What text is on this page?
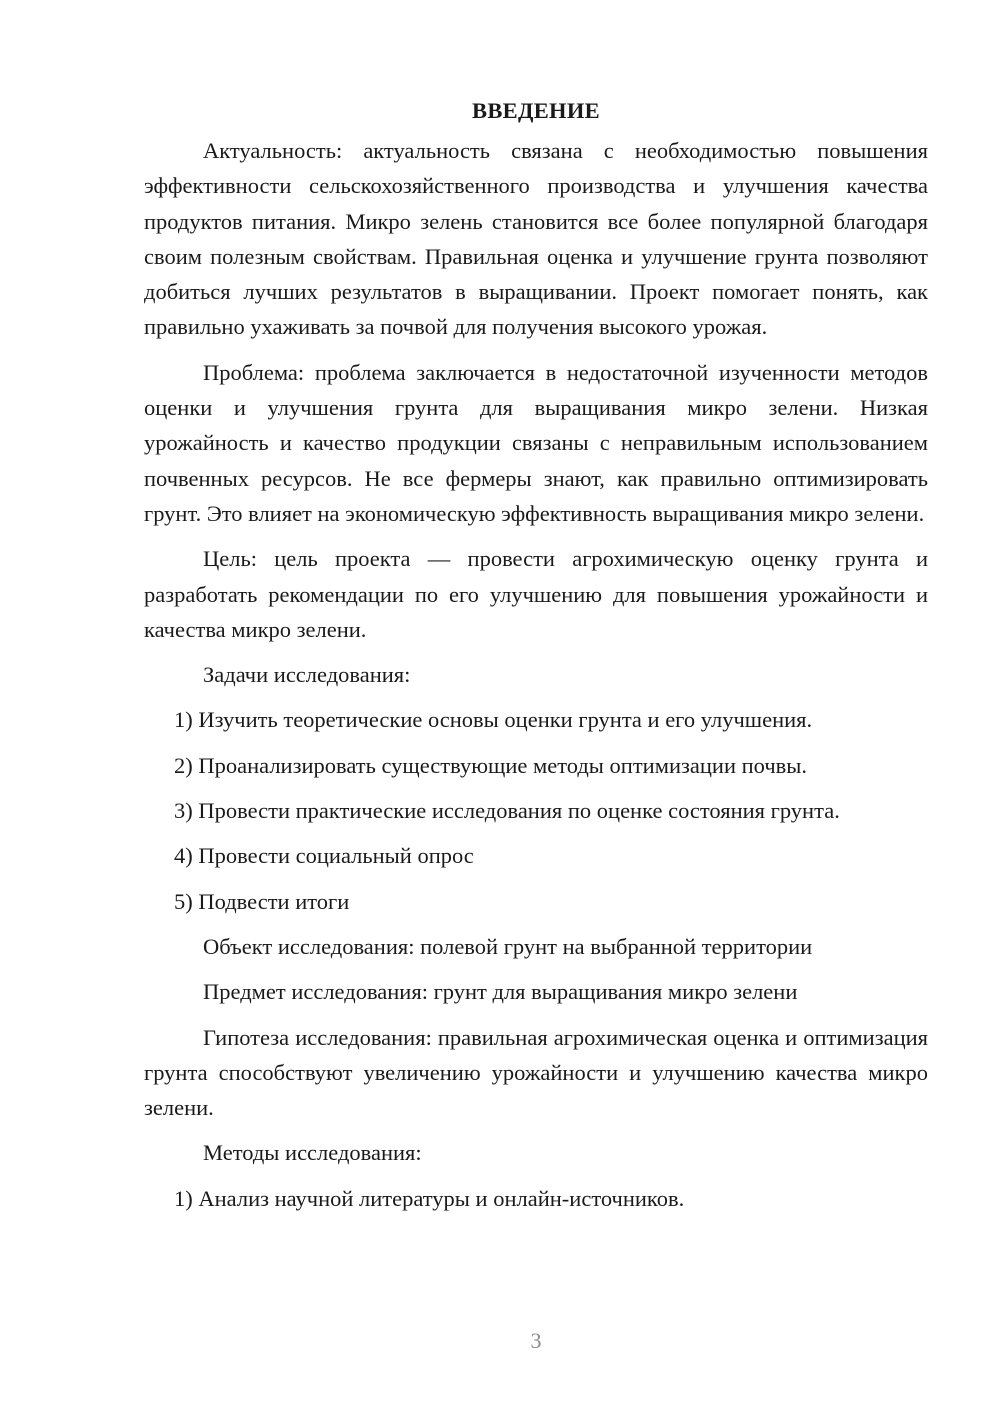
ВВЕДЕНИЕ

Актуальность: актуальность связана с необходимостью повышения эффективности сельскохозяйственного производства и улучшения качества продуктов питания. Микро зелень становится все более популярной благодаря своим полезным свойствам. Правильная оценка и улучшение грунта позволяют добиться лучших результатов в выращивании. Проект помогает понять, как правильно ухаживать за почвой для получения высокого урожая.

Проблема: проблема заключается в недостаточной изученности методов оценки и улучшения грунта для выращивания микро зелени. Низкая урожайность и качество продукции связаны с неправильным использованием почвенных ресурсов. Не все фермеры знают, как правильно оптимизировать грунт. Это влияет на экономическую эффективность выращивания микро зелени.

Цель: цель проекта — провести агрохимическую оценку грунта и разработать рекомендации по его улучшению для повышения урожайности и качества микро зелени.

Задачи исследования:
1) Изучить теоретические основы оценки грунта и его улучшения.
2) Проанализировать существующие методы оптимизации почвы.
3) Провести практические исследования по оценке состояния грунта.
4) Провести социальный опрос
5) Подвести итоги
Объект исследования: полевой грунт на выбранной территории
Предмет исследования: грунт для выращивания микро зелени

Гипотеза исследования: правильная агрохимическая оценка и оптимизация грунта способствуют увеличению урожайности и улучшению качества микро зелени.

Методы исследования:
1) Анализ научной литературы и онлайн-источников.
3
